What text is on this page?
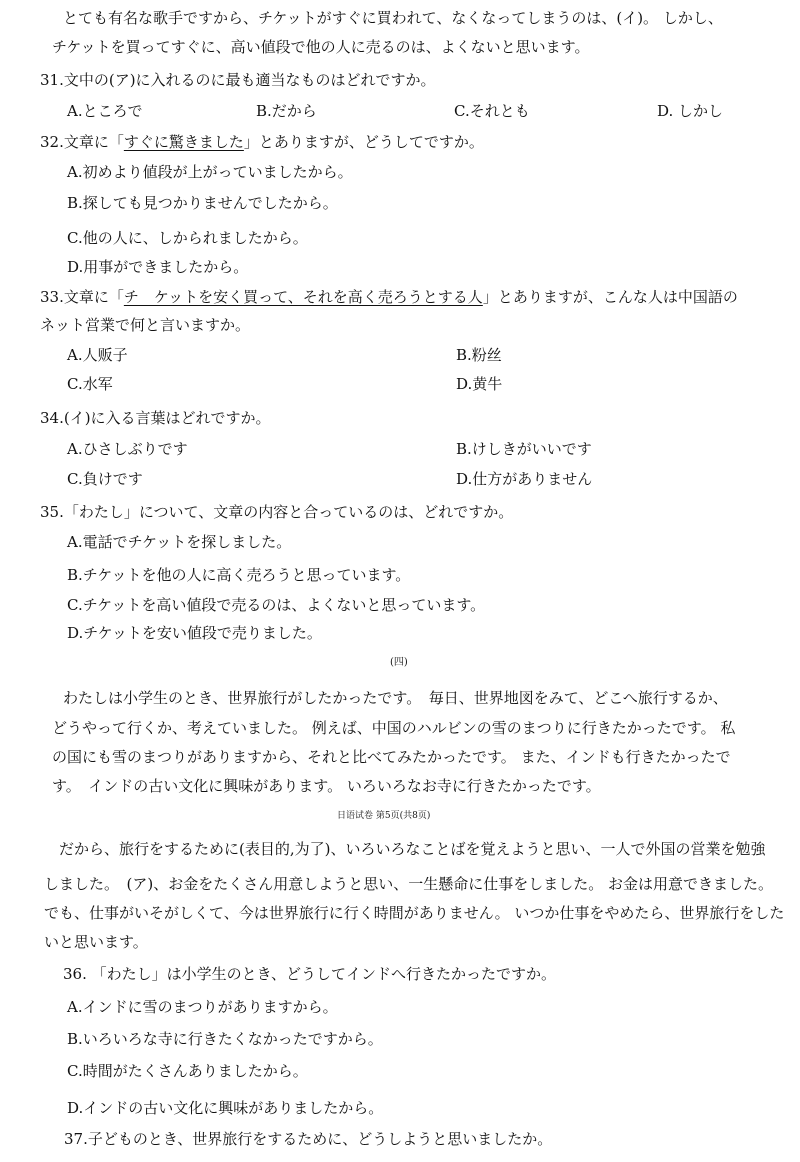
　とても有名な歌手ですから、チケットがすぐに買われて、なくなってしまうのは、(イ)。 しかし、
チケットを買ってすぐに、高い値段で他の人に売るのは、よくないと思います。
31.文中の(ア)に入れるのに最も適当なものはどれですか。
A.ところで	B.だから	C.それとも	D. しかし
32.文章に「すぐに驚きました」とありますが、どうしてですか。
A.初めより値段が上がっていましたから。
B.探しても見つかりませんでしたから。
C.他の人に、しかられましたから。
D.用事ができましたから。
33.文章に「チ　ケットを安く買って、それを高く売ろうとする人」とありますが、こんな人は中国語の
ネット営業で何と言いますか。
A.人贩子	B.粉丝
C.水军	D.黄牛
34.(イ)に入る言葉はどれですか。
A.ひさしぶりです	B.けしきがいいです
C.負けです	D.仕方がありません
35.「わたし」について、文章の内容と合っているのは、どれですか。
A.電話でチケットを探しました。
B.チケットを他の人に高く売ろうと思っています。
C.チケットを高い値段で売るのは、よくないと思っています。
D.チケットを安い値段で売りました。
(四)
　わたしは小学生のとき、世界旅行がしたかったです。　毎日、世界地図をみて、どこへ旅行するか、
どうやって行くか、考えていました。 例えば、中国のハルビンの雪のまつりに行きたかったです。 私
の国にも雪のまつりがありますから、それと比べてみたかったです。 また、インドも行きたかったで
す。　インドの古い文化に興味があります。 いろいろなお寺に行きたかったです。
日语试卷 第5页(共8页)
　だから、旅行をするために(表目的,为了)、いろいろなことばを覚えようと思い、一人で外国の営業を勉強
しました。　(ア)、お金をたくさん用意しようと思い、一生懸命に仕事をしました。 お金は用意できました。
でも、仕事がいそがしくて、今は世界旅行に行く時間がありません。 いつか仕事をやめたら、世界旅行をした
いと思います。
　36. 「わたし」は小学生のとき、どうしてインドへ行きたかったですか。
A.インドに雪のまつりがありますから。
B.いろいろな寺に行きたくなかったですから。
C.時間がたくさんありましたから。
D.インドの古い文化に興味がありましたから。
37.子どものとき、世界旅行をするために、どうしようと思いましたか。
